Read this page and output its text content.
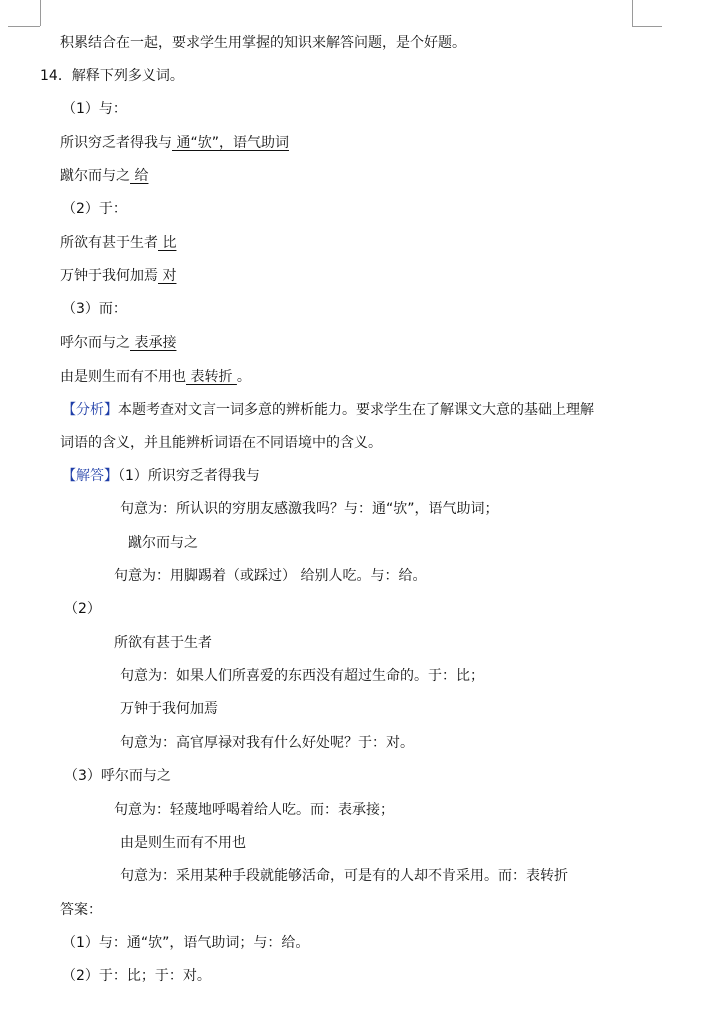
积累结合在一起，要求学生用掌握的知识来解答问题，是个好题。
14．解释下列多义词。
（1）与：
所识穷乏者得我与 通“欤”，语气助词
蹴尔而与之 给
（2）于：
所欲有甚于生者 比
万钟于我何加焉 对
（3）而：
呼尔而与之 表承接
由是则生而有不用也 表转折 。
【分析】本题考查对文言一词多意的辨析能力。要求学生在了解课文大意的基础上理解
词语的含义，并且能辨析词语在不同语境中的含义。
【解答】（1）所识穷乏者得我与
句意为：所认识的穷朋友感激我吗？与：通“欤”，语气助词；
蹴尔而与之
句意为：用脚踢着（或踩过） 给别人吃。与：给。
（2）
所欲有甚于生者
句意为：如果人们所喜爱的东西没有超过生命的。于：比；
万钟于我何加焉
句意为：高官厚禄对我有什么好处呢？于：对。
（3）呼尔而与之
句意为：轻蔑地呼喝着给人吃。而：表承接；
由是则生而有不用也
句意为：采用某种手段就能够活命，可是有的人却不肯采用。而：表转折
答案：
（1）与：通“欤”，语气助词；与：给。
（2）于：比；于：对。
